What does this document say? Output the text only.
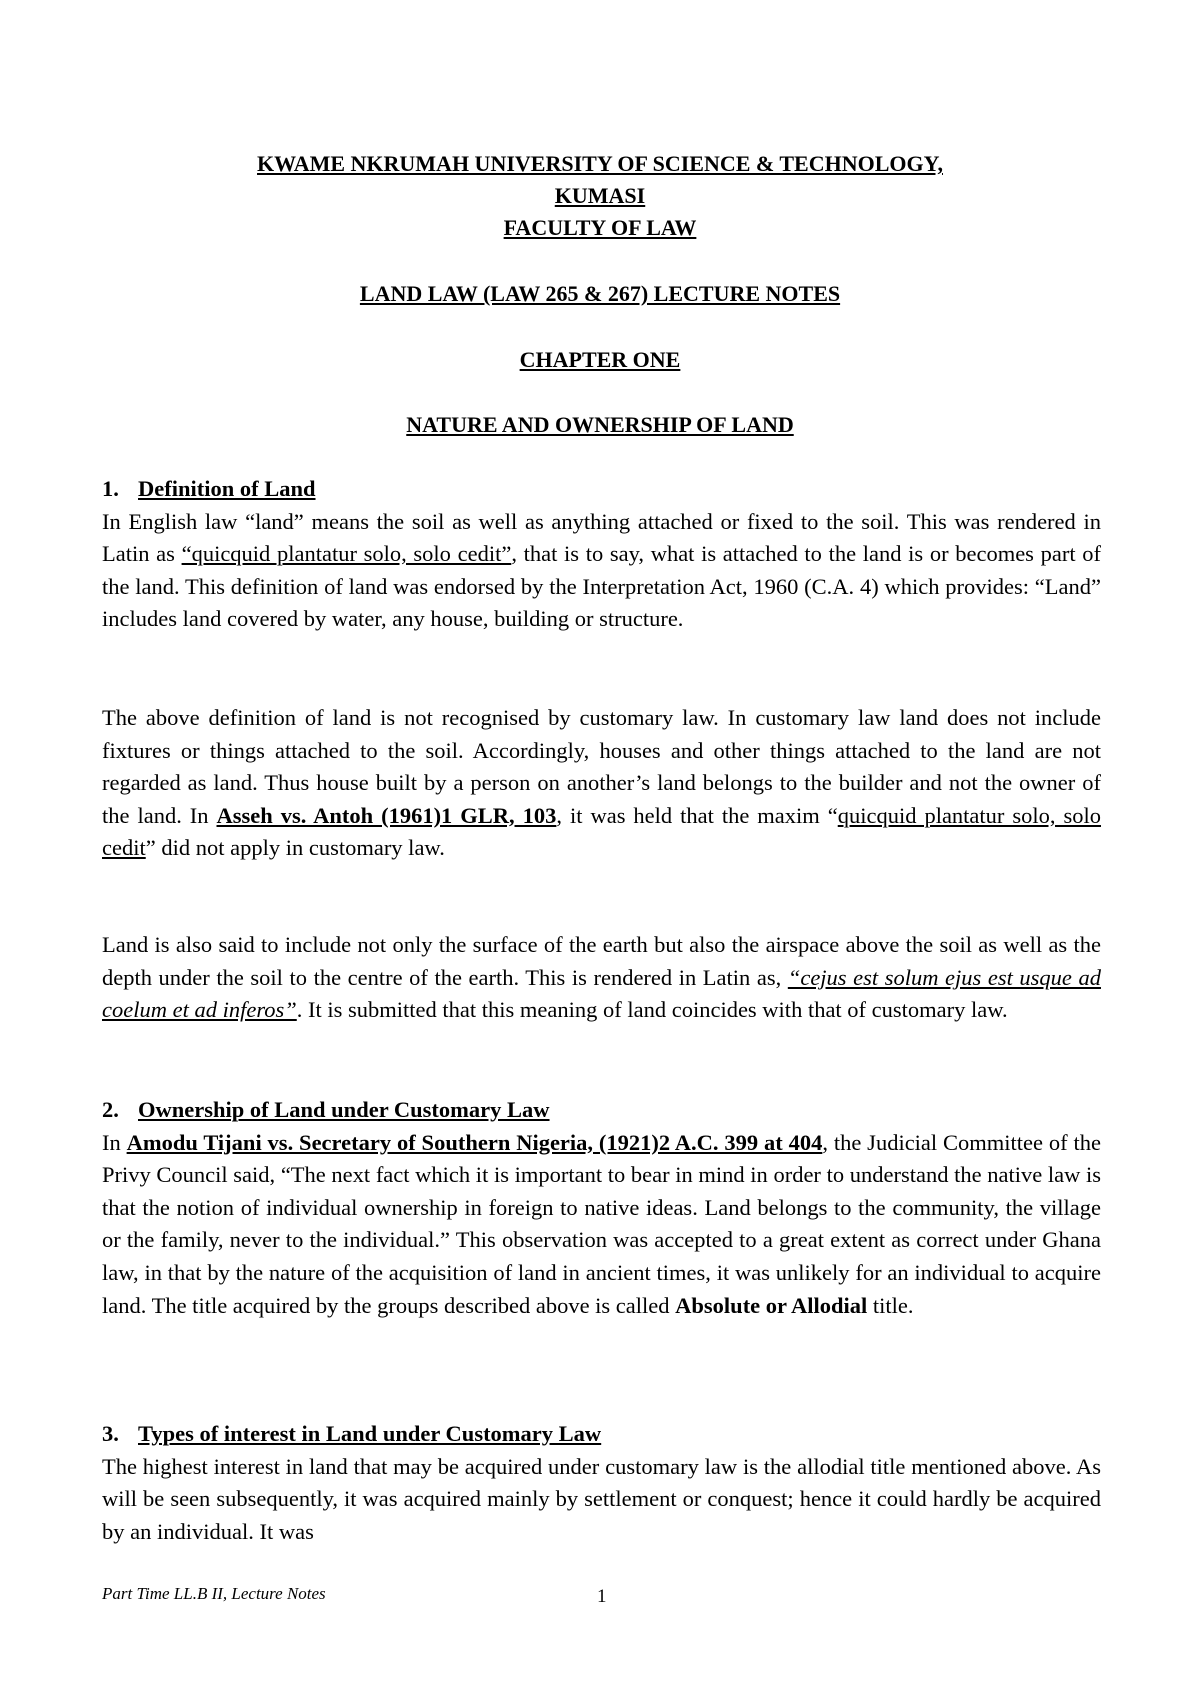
KWAME NKRUMAH UNIVERSITY OF SCIENCE & TECHNOLOGY,
KUMASI
FACULTY OF LAW
LAND LAW (LAW 265 & 267) LECTURE NOTES
CHAPTER ONE
NATURE AND OWNERSHIP OF LAND
1. Definition of Land

In English law “land” means the soil as well as anything attached or fixed to the soil. This was rendered in Latin as “quicquid plantatur solo, solo cedit”, that is to say, what is attached to the land is or becomes part of the land. This definition of land was endorsed by the Interpretation Act, 1960 (C.A. 4) which provides: “Land” includes land covered by water, any house, building or structure.

The above definition of land is not recognised by customary law. In customary law land does not include fixtures or things attached to the soil. Accordingly, houses and other things attached to the land are not regarded as land. Thus house built by a person on another’s land belongs to the builder and not the owner of the land. In Asseh vs. Antoh (1961)1 GLR, 103, it was held that the maxim “quicquid plantatur solo, solo cedit” did not apply in customary law.

Land is also said to include not only the surface of the earth but also the airspace above the soil as well as the depth under the soil to the centre of the earth. This is rendered in Latin as, “cejus est solum ejus est usque ad coelum et ad inferos”. It is submitted that this meaning of land coincides with that of customary law.

2. Ownership of Land under Customary Law

In Amodu Tijani vs. Secretary of Southern Nigeria, (1921)2 A.C. 399 at 404, the Judicial Committee of the Privy Council said, “The next fact which it is important to bear in mind in order to understand the native law is that the notion of individual ownership in foreign to native ideas. Land belongs to the community, the village or the family, never to the individual.” This observation was accepted to a great extent as correct under Ghana law, in that by the nature of the acquisition of land in ancient times, it was unlikely for an individual to acquire land. The title acquired by the groups described above is called Absolute or Allodial title.

3. Types of interest in Land under Customary Law

The highest interest in land that may be acquired under customary law is the allodial title mentioned above. As will be seen subsequently, it was acquired mainly by settlement or conquest; hence it could hardly be acquired by an individual. It was

Part Time LL.B II, Lecture Notes	1
